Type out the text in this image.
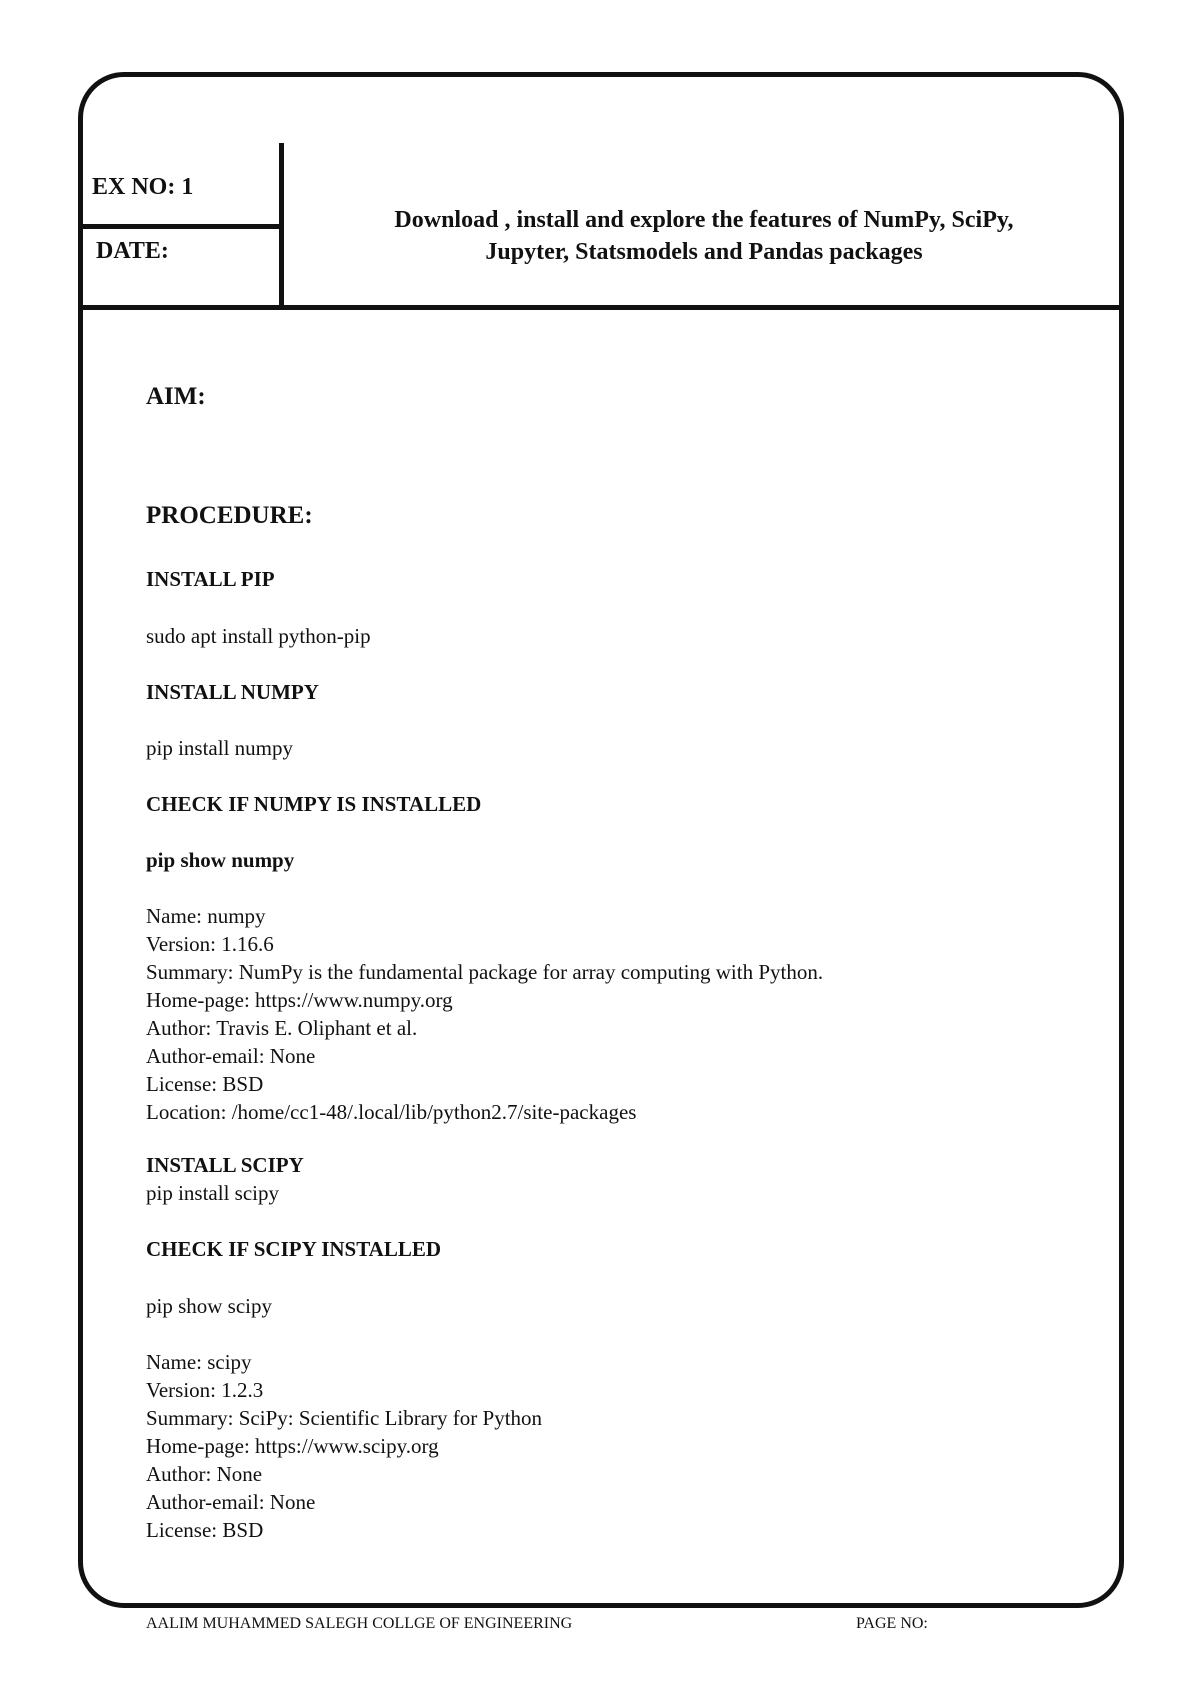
EX NO: 1
DATE:
Download , install and explore the features of NumPy, SciPy,
Jupyter, Statsmodels and Pandas packages
AIM:
PROCEDURE:
INSTALL PIP
sudo apt install python-pip
INSTALL NUMPY
pip install numpy
CHECK IF NUMPY IS INSTALLED
pip show numpy
Name: numpy
Version: 1.16.6
Summary: NumPy is the fundamental package for array computing with Python.
Home-page: https://www.numpy.org
Author: Travis E. Oliphant et al.
Author-email: None
License: BSD
Location: /home/cc1-48/.local/lib/python2.7/site-packages
INSTALL SCIPY
pip install scipy
CHECK IF SCIPY INSTALLED
pip show scipy
Name: scipy
Version: 1.2.3
Summary: SciPy: Scientific Library for Python
Home-page: https://www.scipy.org
Author: None
Author-email: None
License: BSD
AALIM MUHAMMED SALEGH COLLGE OF ENGINEERING	PAGE NO:
